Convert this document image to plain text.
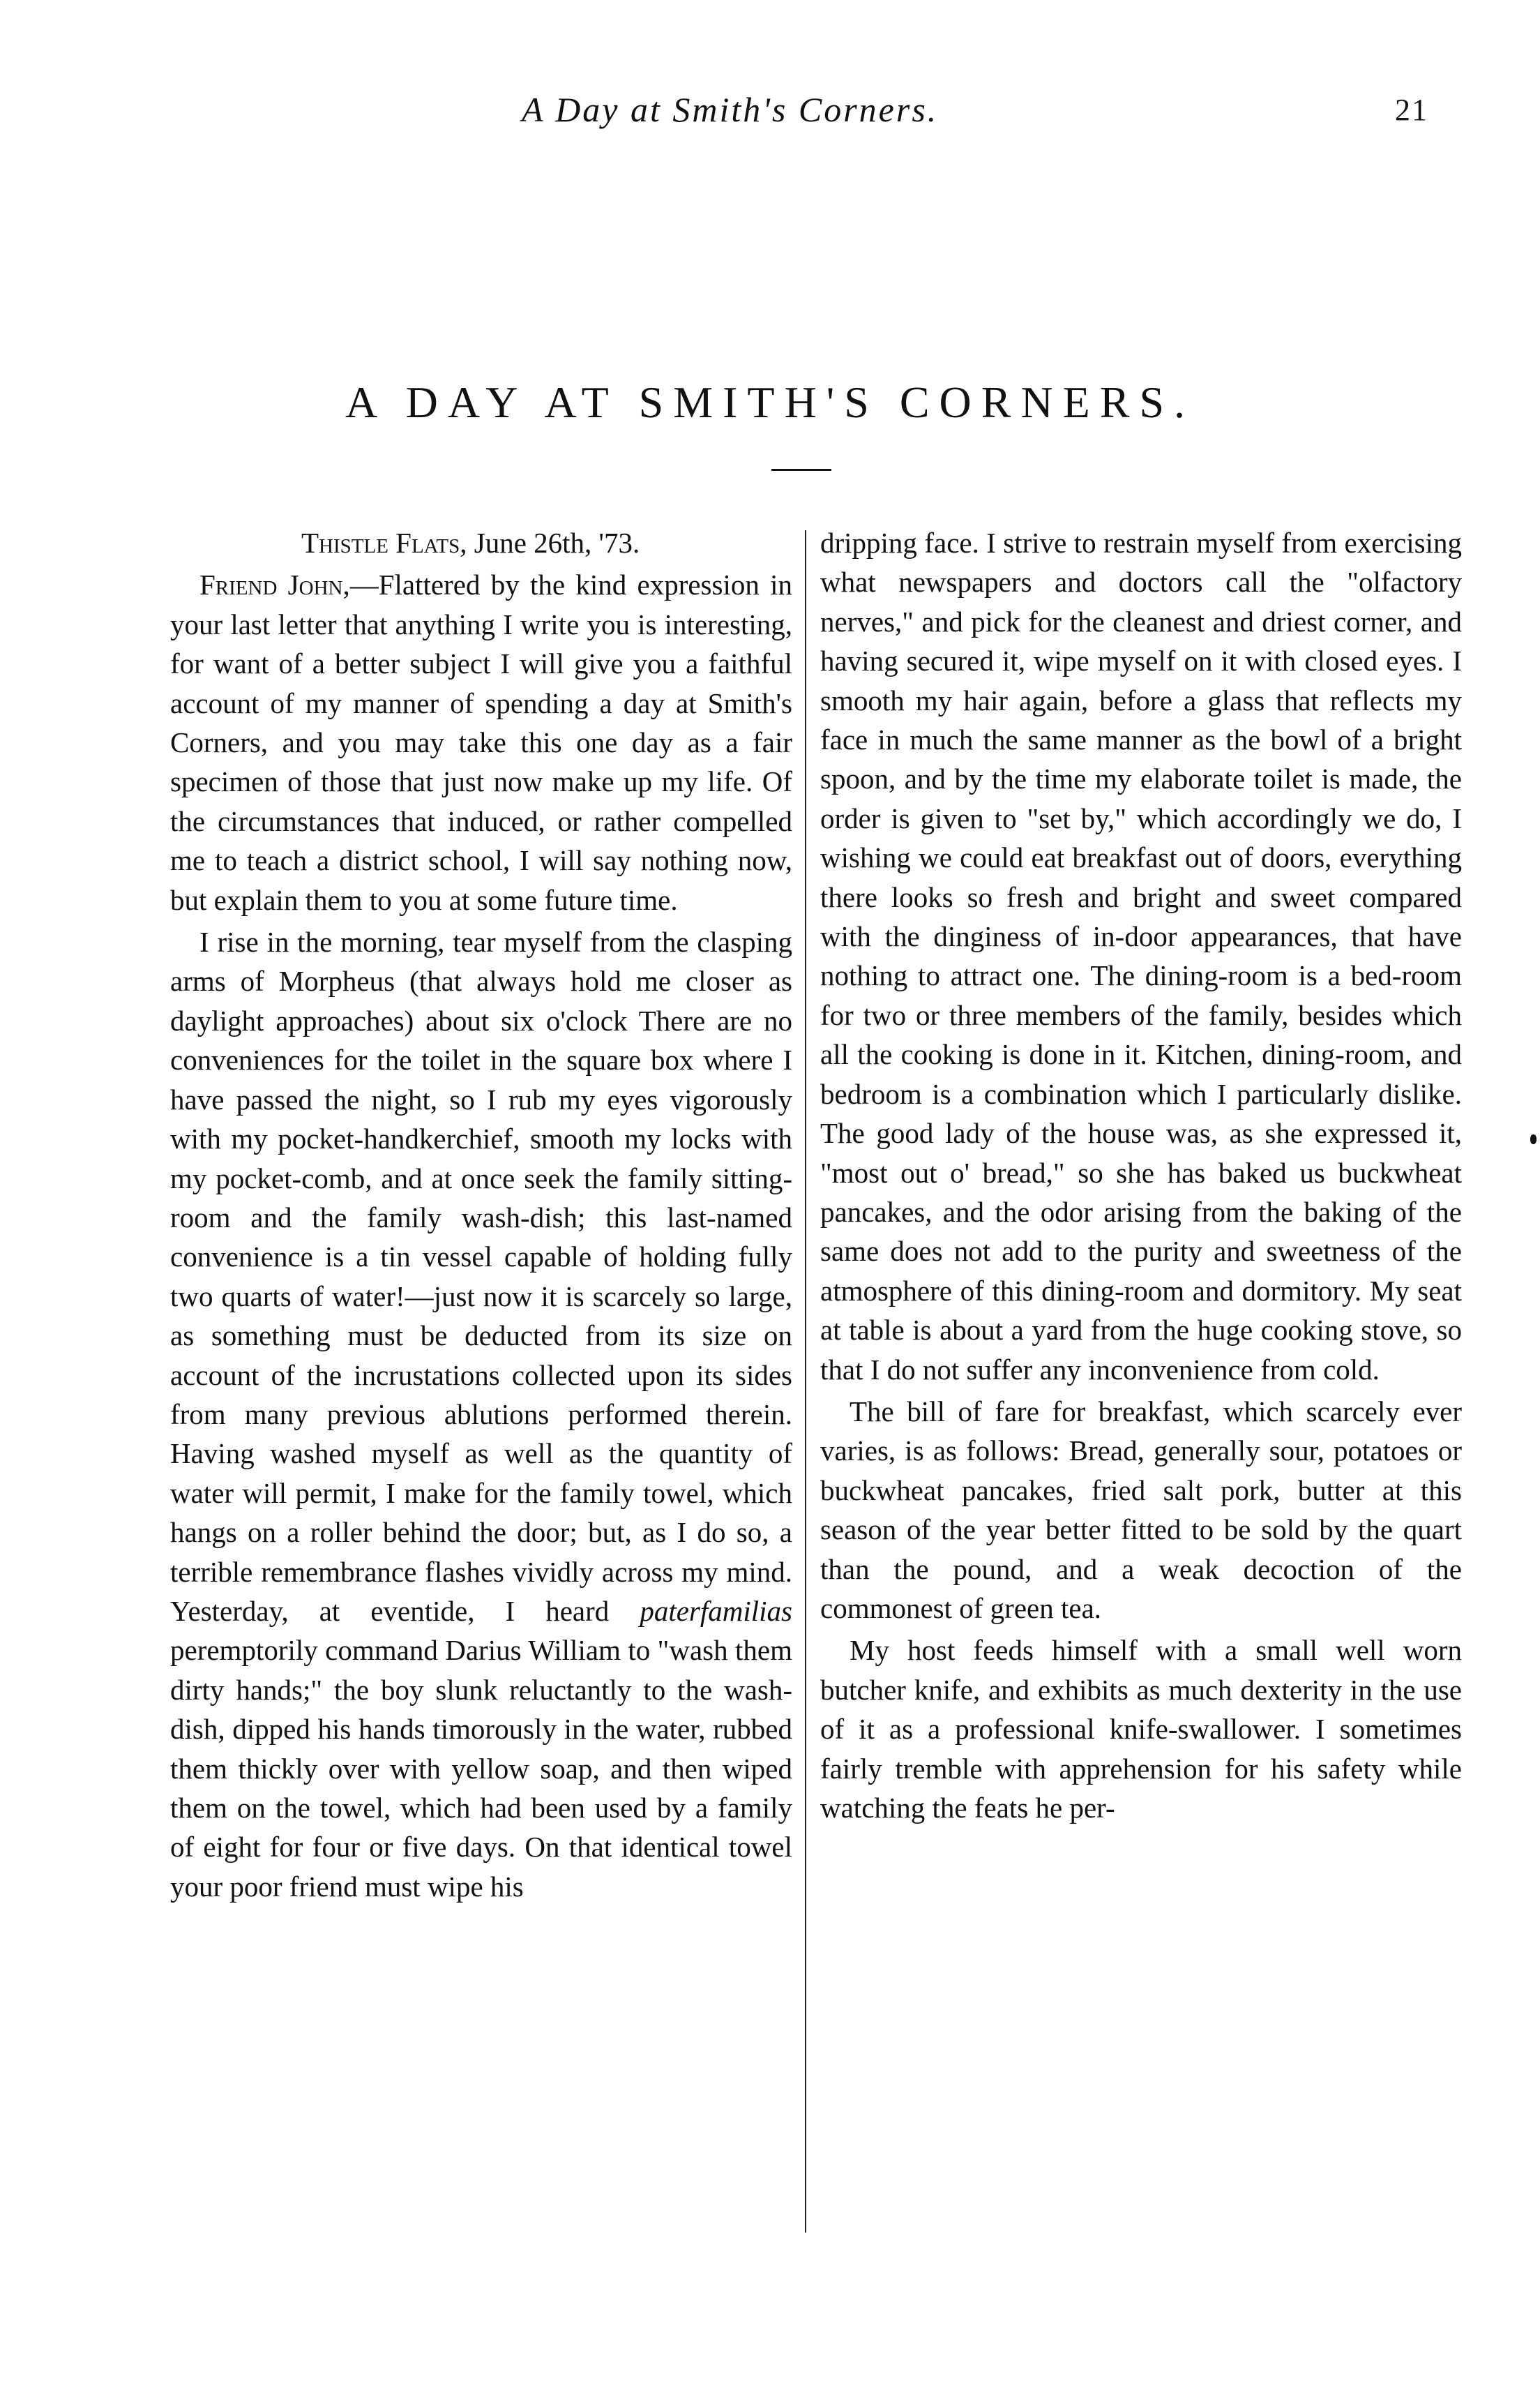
A Day at Smith's Corners.	21
A DAY AT SMITH'S CORNERS.

Thistle Flats, June 26th, '73.

Friend John,—Flattered by the kind expression in your last letter that anything I write you is interesting, for want of a better subject I will give you a faithful account of my manner of spending a day at Smith's Corners, and you may take this one day as a fair specimen of those that just now make up my life. Of the circumstances that induced, or rather compelled me to teach a district school, I will say nothing now, but explain them to you at some future time.

I rise in the morning, tear myself from the clasping arms of Morpheus (that always hold me closer as daylight approaches) about six o'clock There are no conveniences for the toilet in the square box where I have passed the night, so I rub my eyes vigorously with my pocket-handkerchief, smooth my locks with my pocket-comb, and at once seek the family sitting-room and the family wash-dish; this last-named convenience is a tin vessel capable of holding fully two quarts of water!—just now it is scarcely so large, as something must be deducted from its size on account of the incrustations collected upon its sides from many previous ablutions performed therein. Having washed myself as well as the quantity of water will permit, I make for the family towel, which hangs on a roller behind the door; but, as I do so, a terrible remembrance flashes vividly across my mind. Yesterday, at eventide, I heard paterfamilias peremptorily command Darius William to "wash them dirty hands;" the boy slunk reluctantly to the wash-dish, dipped his hands timorously in the water, rubbed them thickly over with yellow soap, and then wiped them on the towel, which had been used by a family of eight for four or five days. On that identical towel your poor friend must wipe his

dripping face. I strive to restrain myself from exercising what newspapers and doctors call the "olfactory nerves," and pick for the cleanest and driest corner, and having secured it, wipe myself on it with closed eyes. I smooth my hair again, before a glass that reflects my face in much the same manner as the bowl of a bright spoon, and by the time my elaborate toilet is made, the order is given to "set by," which accordingly we do, I wishing we could eat breakfast out of doors, everything there looks so fresh and bright and sweet compared with the dinginess of in-door appearances, that have nothing to attract one. The dining-room is a bed-room for two or three members of the family, besides which all the cooking is done in it. Kitchen, dining-room, and bedroom is a combination which I particularly dislike. The good lady of the house was, as she expressed it, "most out o' bread," so she has baked us buckwheat pancakes, and the odor arising from the baking of the same does not add to the purity and sweetness of the atmosphere of this dining-room and dormitory. My seat at table is about a yard from the huge cooking stove, so that I do not suffer any inconvenience from cold.

The bill of fare for breakfast, which scarcely ever varies, is as follows: Bread, generally sour, potatoes or buckwheat pancakes, fried salt pork, butter at this season of the year better fitted to be sold by the quart than the pound, and a weak decoction of the commonest of green tea.

My host feeds himself with a small well worn butcher knife, and exhibits as much dexterity in the use of it as a professional knife-swallower. I sometimes fairly tremble with apprehension for his safety while watching the feats he per-
